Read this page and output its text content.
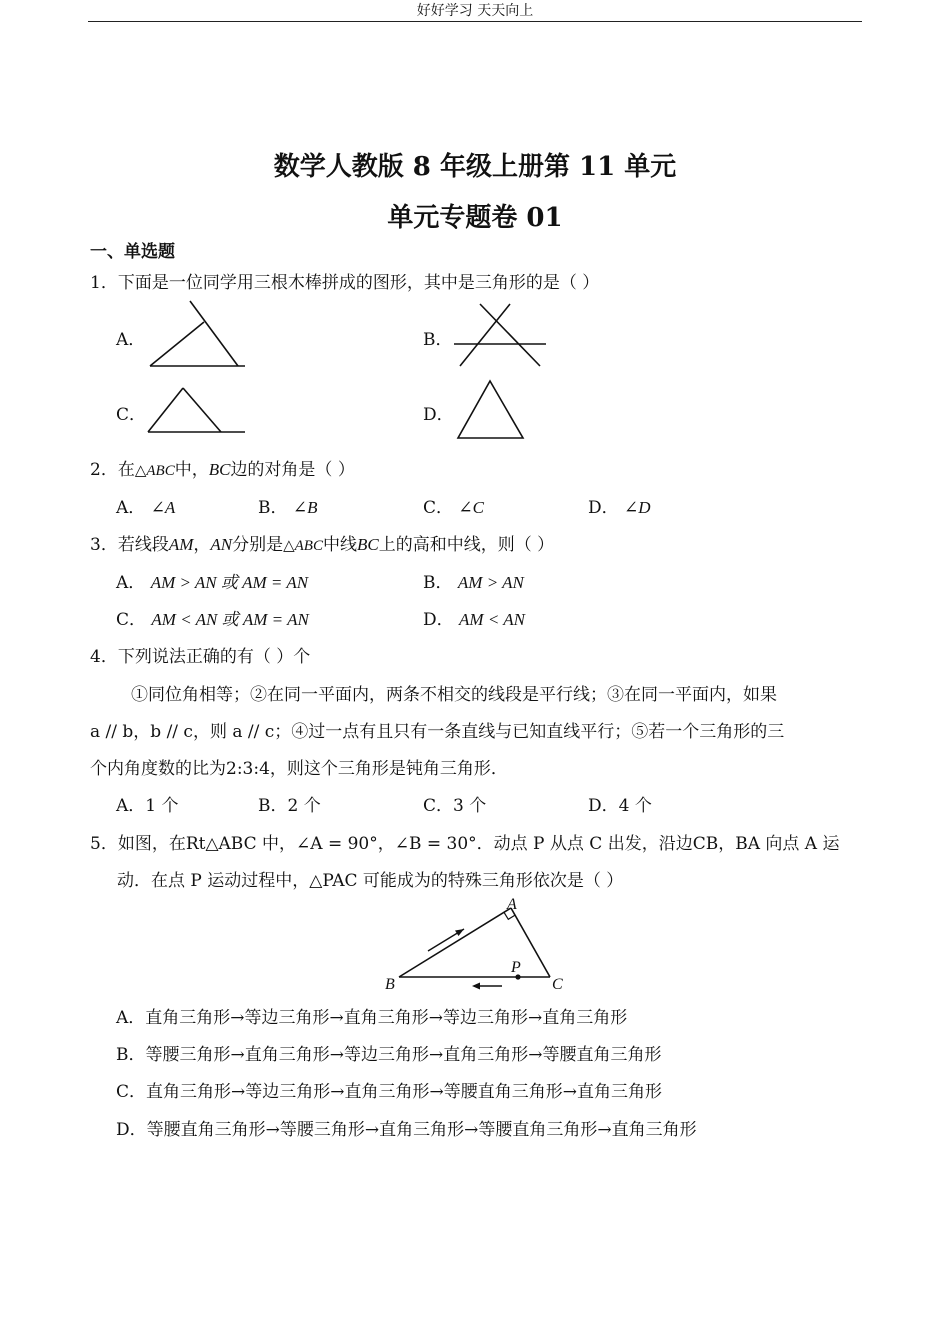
好好学习 天天向上
数学人教版 8 年级上册第 11 单元
单元专题卷 01
一、单选题
1．下面是一位同学用三根木棒拼成的图形，其中是三角形的是（ ）
A．	B．
C．	D．
2．在△ABC中，BC边的对角是（ ）
A． ∠A	B． ∠B	C． ∠C	D． ∠D
3．若线段AM，AN分别是△ABC中线BC上的高和中线，则（ ）
A． AM > AN 或 AM = AN	B． AM > AN
C． AM < AN 或 AM = AN	D． AM < AN
4．下列说法正确的有（ ）个
①同位角相等；②在同一平面内，两条不相交的线段是平行线；③在同一平面内，如果
a // b，b // c，则 a // c；④过一点有且只有一条直线与已知直线平行；⑤若一个三角形的三
个内角度数的比为2:3:4，则这个三角形是钝角三角形．
A．1 个	B．2 个	C．3 个	D．4 个
5．如图，在Rt△ABC 中，∠A = 90°，∠B = 30°．动点 P 从点 C 出发，沿边CB，BA 向点 A 运
动．在点 P 运动过程中，△PAC 可能成为的特殊三角形依次是（ ）
A
B	C
P
A．直角三角形→等边三角形→直角三角形→等边三角形→直角三角形
B．等腰三角形→直角三角形→等边三角形→直角三角形→等腰直角三角形
C．直角三角形→等边三角形→直角三角形→等腰直角三角形→直角三角形
D．等腰直角三角形→等腰三角形→直角三角形→等腰直角三角形→直角三角形
